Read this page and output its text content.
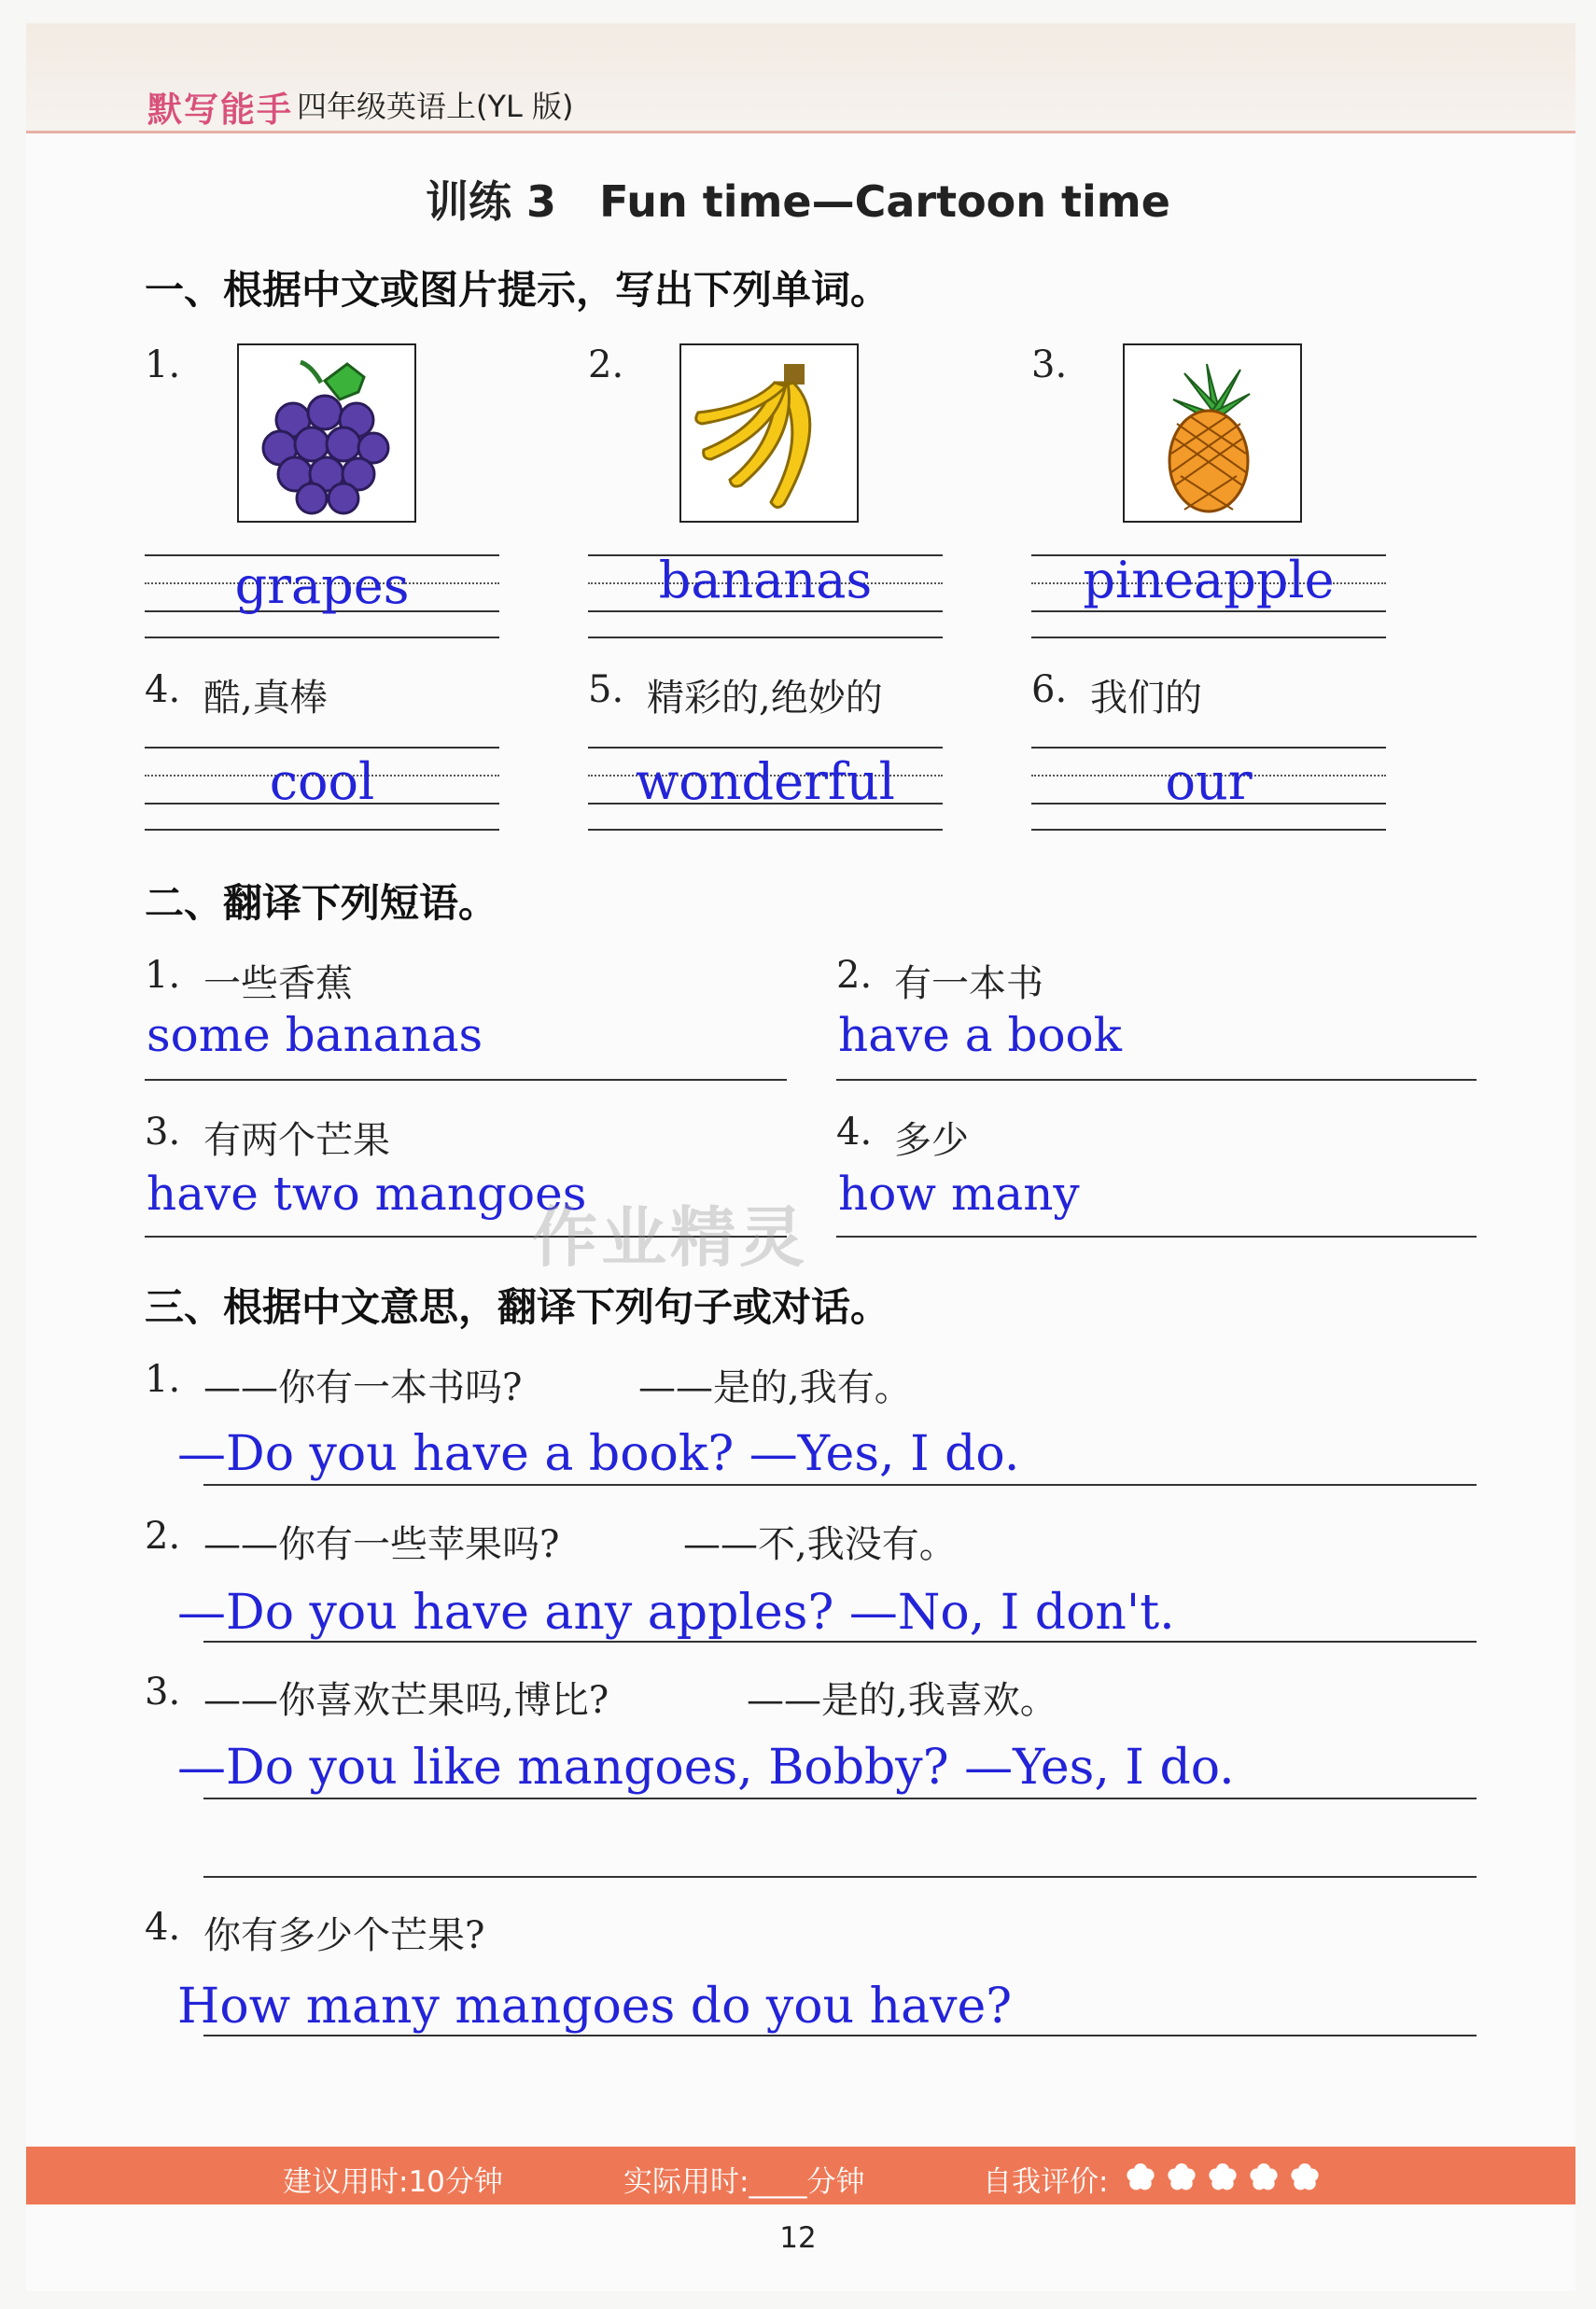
默写能手 四年级英语上(YL 版)
训练 3　Fun time—Cartoon time
一、根据中文或图片提示，写出下列单词。
1.	2.	3.
grapes	bananas	pineapple
4. 酷,真棒	5. 精彩的,绝妙的	6. 我们的
cool	wonderful	our
二、翻译下列短语。
1. 一些香蕉
some bananas
2. 有一本书
have a book
3. 有两个芒果
have two mangoes
4. 多少
how many
作业精灵
三、根据中文意思，翻译下列句子或对话。
1. ——你有一本书吗?	——是的,我有。
—Do you have a book? —Yes, I do.
2. ——你有一些苹果吗?	——不,我没有。
—Do you have any apples? —No, I don't.
3. ——你喜欢芒果吗,博比?	——是的,我喜欢。
—Do you like mangoes, Bobby? —Yes, I do.
4. 你有多少个芒果?
How many mangoes do you have?
建议用时:10分钟	实际用时:____分钟	自我评价:
12
